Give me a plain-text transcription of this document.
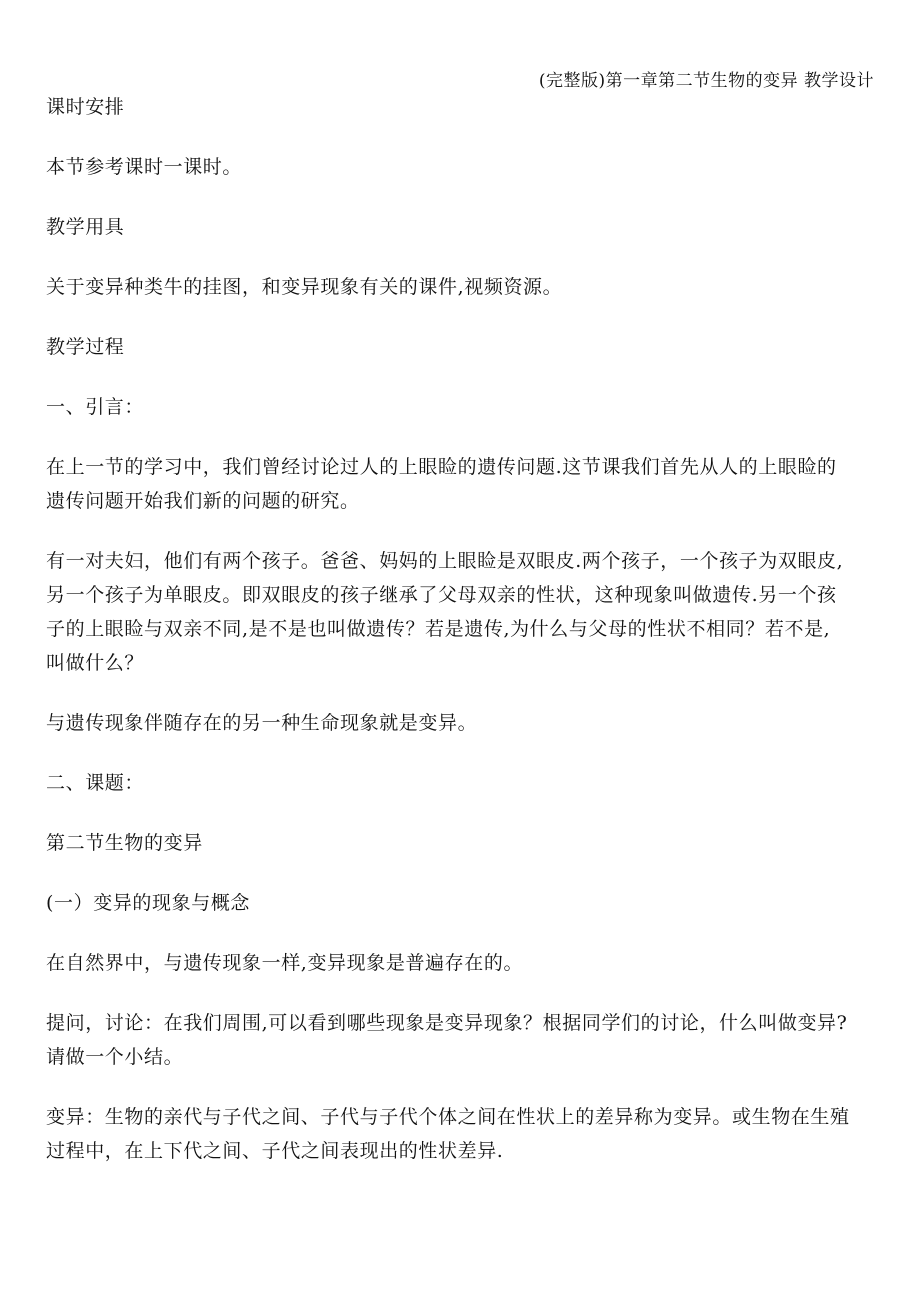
(完整版)第一章第二节生物的变异 教学设计

课时安排

本节参考课时一课时。

教学用具

关于变异种类牛的挂图，和变异现象有关的课件,视频资源。

教学过程

一、引言：

在上一节的学习中，我们曾经讨论过人的上眼睑的遗传问题.这节课我们首先从人的上眼睑的
遗传问题开始我们新的问题的研究。

有一对夫妇，他们有两个孩子。爸爸、妈妈的上眼睑是双眼皮.两个孩子，一个孩子为双眼皮,
另一个孩子为单眼皮。即双眼皮的孩子继承了父母双亲的性状，这种现象叫做遗传.另一个孩
子的上眼睑与双亲不同,是不是也叫做遗传？若是遗传,为什么与父母的性状不相同？若不是,
叫做什么？

与遗传现象伴随存在的另一种生命现象就是变异。

二、课题：

第二节生物的变异

(一）变异的现象与概念

在自然界中，与遗传现象一样,变异现象是普遍存在的。

提问，讨论：在我们周围,可以看到哪些现象是变异现象？根据同学们的讨论，什么叫做变异?
请做一个小结。

变异：生物的亲代与子代之间、子代与子代个体之间在性状上的差异称为变异。或生物在生殖
过程中，在上下代之间、子代之间表现出的性状差异.
